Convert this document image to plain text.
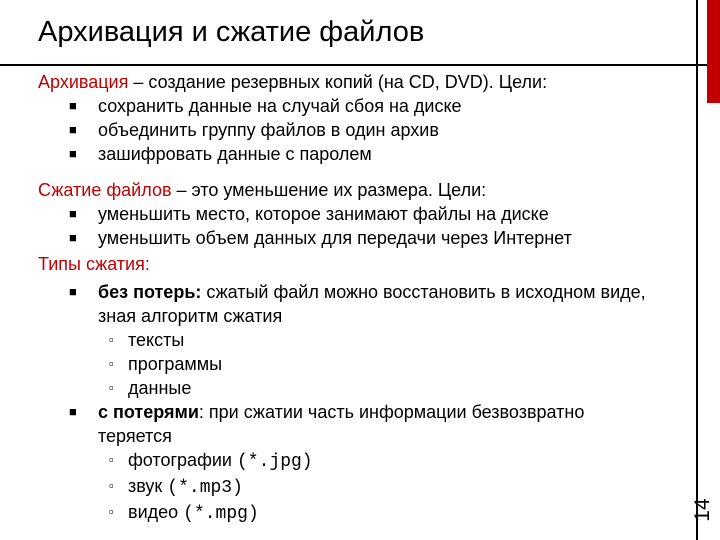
Архивация и сжатие файлов
14

Архивация – создание резервных копий (на CD, DVD). Цели:

■ сохранить данные на случай сбоя на диске
■ объединить группу файлов в один архив
■ зашифровать данные с паролем

Сжатие файлов – это уменьшение их размера. Цели:

■ уменьшить место, которое занимают файлы на диске
■ уменьшить объем данных для передачи через Интернет

Типы сжатия:

■ без потерь: сжатый файл можно восстановить в исходном виде, зная алгоритм сжатия
▫ тексты
▫ программы
▫ данные
■ с потерями: при сжатии часть информации безвозвратно теряется
▫ фотографии (*.jpg)
▫ звук (*.mp3)
▫ видео (*.mpg)
